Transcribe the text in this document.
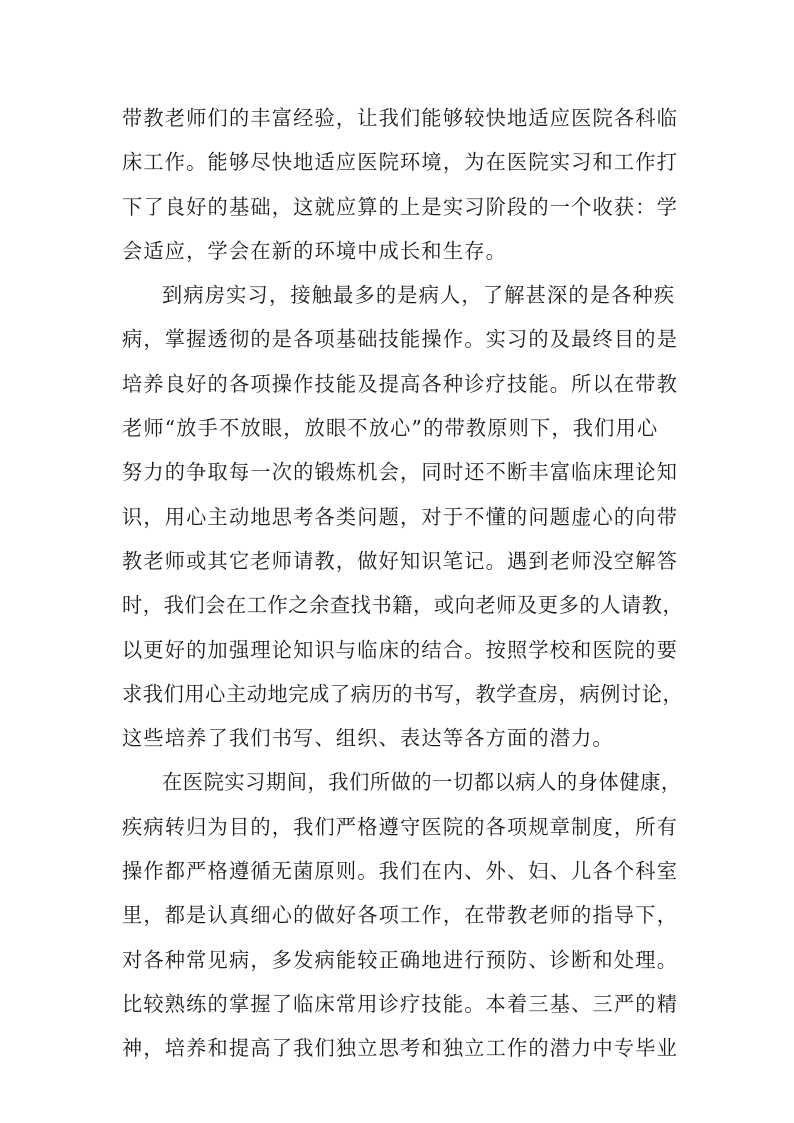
带教老师们的丰富经验，让我们能够较快地适应医院各科临
床工作。能够尽快地适应医院环境，为在医院实习和工作打
下了良好的基础，这就应算的上是实习阶段的一个收获：学
会适应，学会在新的环境中成长和生存。
到病房实习，接触最多的是病人，了解甚深的是各种疾
病，掌握透彻的是各项基础技能操作。实习的及最终目的是
培养良好的各项操作技能及提高各种诊疗技能。所以在带教
老师“放手不放眼，放眼不放心”的带教原则下，我们用心
努力的争取每一次的锻炼机会，同时还不断丰富临床理论知
识，用心主动地思考各类问题，对于不懂的问题虚心的向带
教老师或其它老师请教，做好知识笔记。遇到老师没空解答
时，我们会在工作之余查找书籍，或向老师及更多的人请教，
以更好的加强理论知识与临床的结合。按照学校和医院的要
求我们用心主动地完成了病历的书写，教学查房，病例讨论，
这些培养了我们书写、组织、表达等各方面的潜力。
在医院实习期间，我们所做的一切都以病人的身体健康，
疾病转归为目的，我们严格遵守医院的各项规章制度，所有
操作都严格遵循无菌原则。我们在内、外、妇、儿各个科室
里，都是认真细心的做好各项工作，在带教老师的指导下，
对各种常见病，多发病能较正确地进行预防、诊断和处理。
比较熟练的掌握了临床常用诊疗技能。本着三基、三严的精
神，培养和提高了我们独立思考和独立工作的潜力中专毕业
